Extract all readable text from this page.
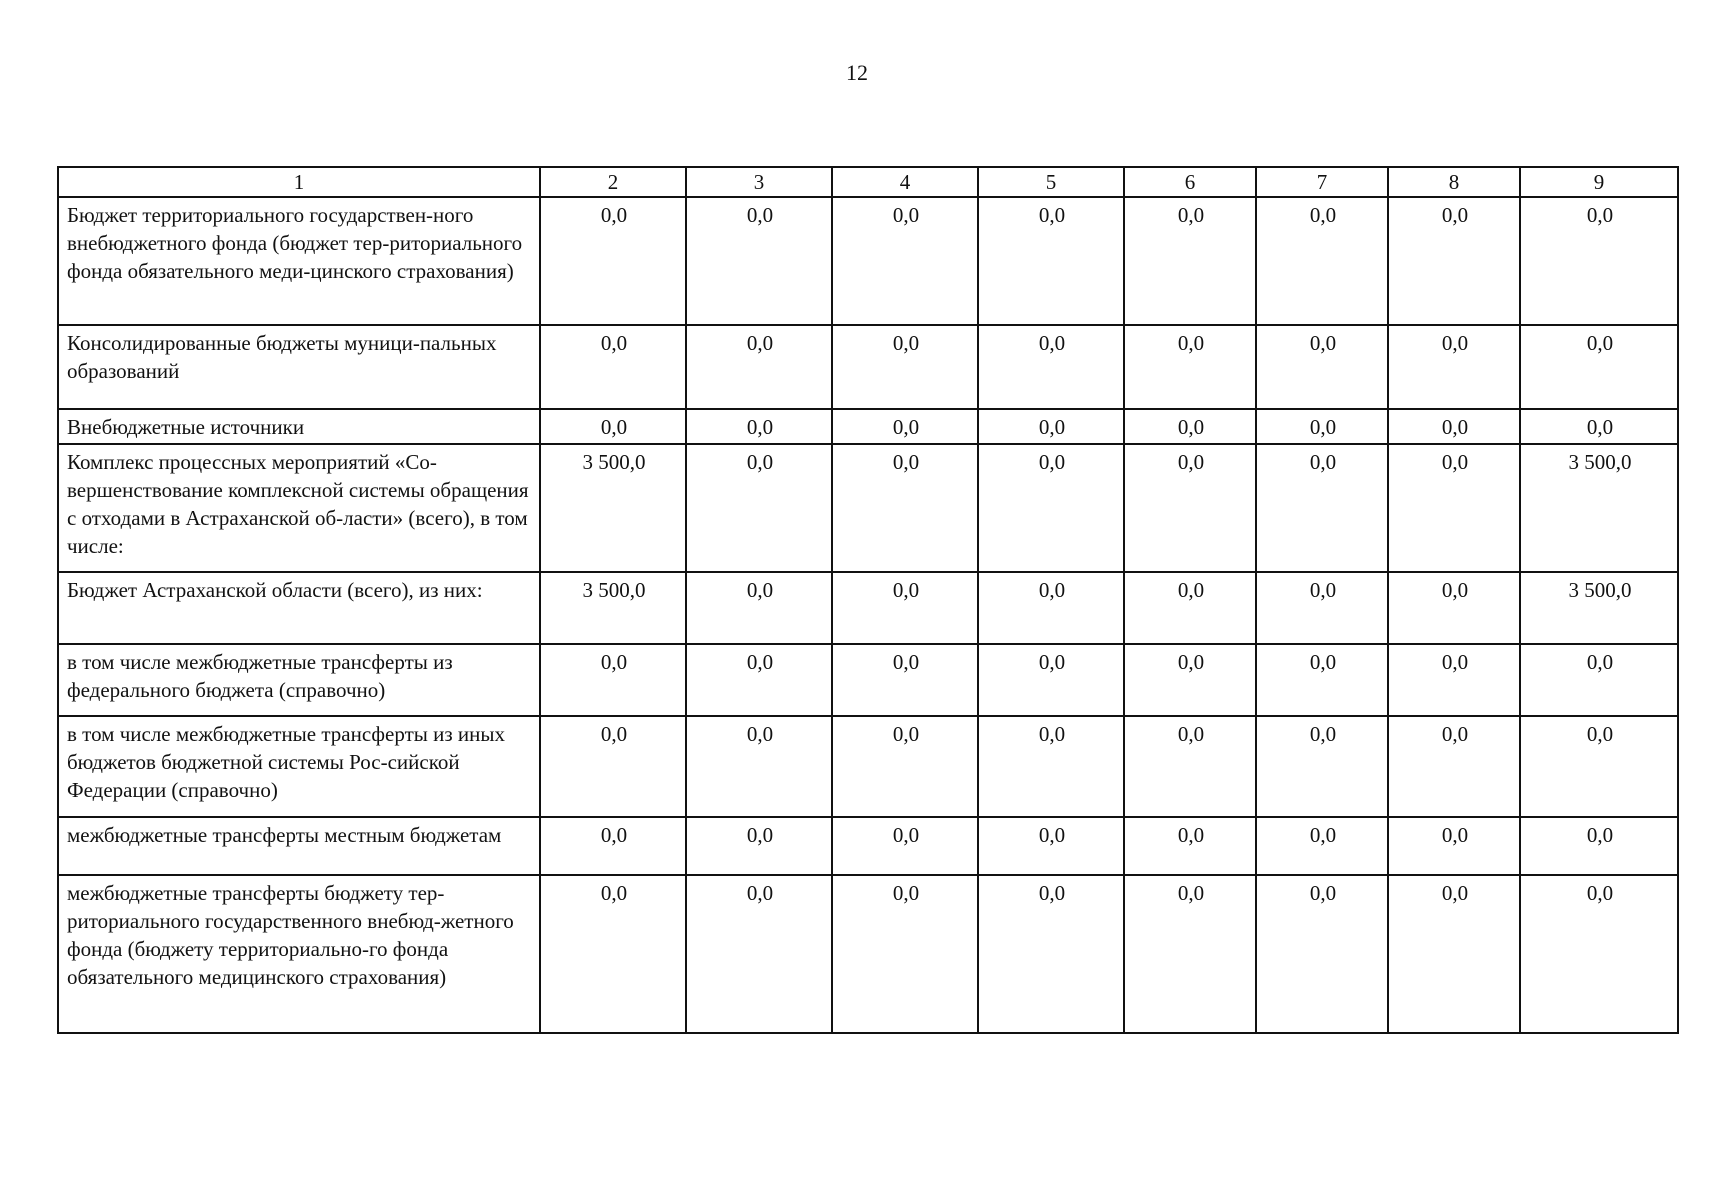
12
1	2	3	4	5	6	7	8	9
Бюджет территориального государствен-ного внебюджетного фонда (бюджет тер-риториального фонда обязательного меди-цинского страхования)	0,0	0,0	0,0	0,0	0,0	0,0	0,0	0,0
Консолидированные бюджеты муници-пальных образований	0,0	0,0	0,0	0,0	0,0	0,0	0,0	0,0
Внебюджетные источники	0,0	0,0	0,0	0,0	0,0	0,0	0,0	0,0
Комплекс процессных мероприятий «Со-вершенствование комплексной системы обращения с отходами в Астраханской об-ласти» (всего), в том числе:	3 500,0	0,0	0,0	0,0	0,0	0,0	0,0	3 500,0
Бюджет Астраханской области (всего), из них:	3 500,0	0,0	0,0	0,0	0,0	0,0	0,0	3 500,0
в том числе межбюджетные трансферты из федерального бюджета (справочно)	0,0	0,0	0,0	0,0	0,0	0,0	0,0	0,0
в том числе межбюджетные трансферты из иных бюджетов бюджетной системы Рос-сийской Федерации (справочно)	0,0	0,0	0,0	0,0	0,0	0,0	0,0	0,0
межбюджетные трансферты местным бюджетам	0,0	0,0	0,0	0,0	0,0	0,0	0,0	0,0
межбюджетные трансферты бюджету тер-риториального государственного внебюд-жетного фонда (бюджету территориально-го фонда обязательного медицинского страхования)	0,0	0,0	0,0	0,0	0,0	0,0	0,0	0,0
